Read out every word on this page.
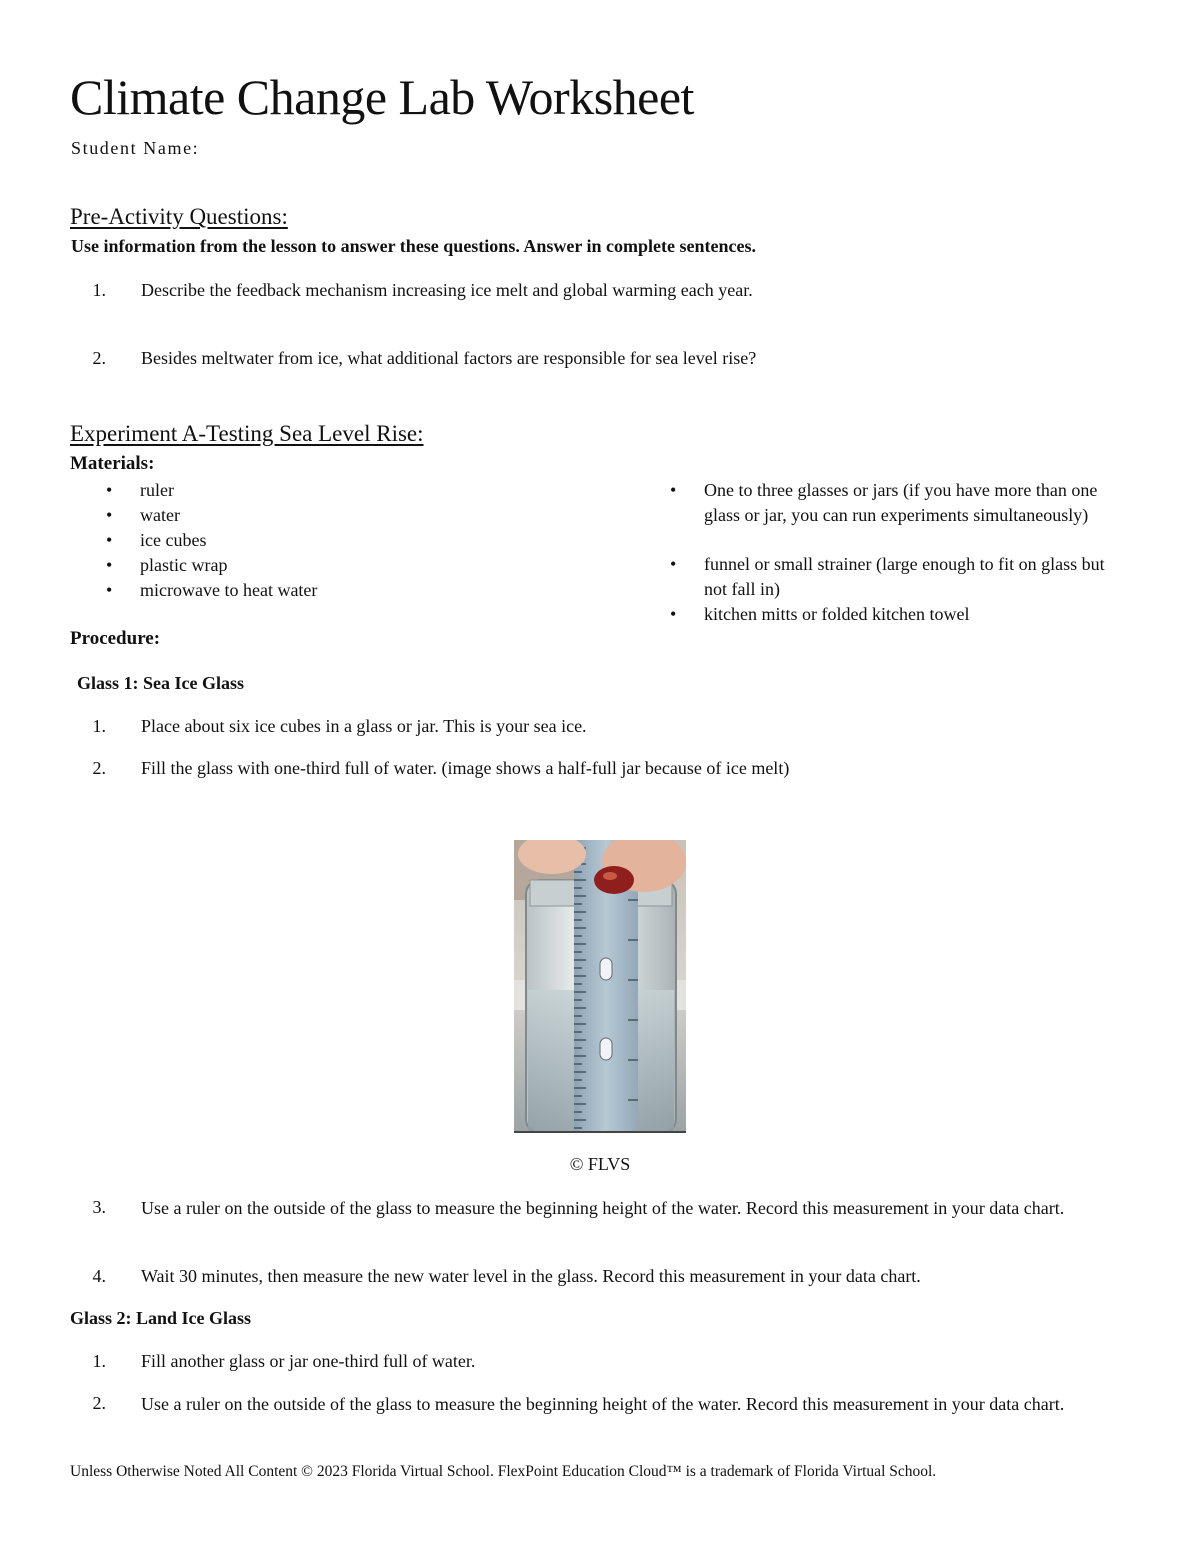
Climate Change Lab Worksheet
Student Name:
Pre-Activity Questions:
Use information from the lesson to answer these questions. Answer in complete sentences.
1. Describe the feedback mechanism increasing ice melt and global warming each year.
2. Besides meltwater from ice, what additional factors are responsible for sea level rise?
Experiment A-Testing Sea Level Rise:
Materials:
• ruler
• water
• ice cubes
• plastic wrap
• microwave to heat water
• One to three glasses or jars (if you have more than one glass or jar, you can run experiments simultaneously)
• funnel or small strainer (large enough to fit on glass but not fall in)
• kitchen mitts or folded kitchen towel
Procedure:
Glass 1: Sea Ice Glass
1. Place about six ice cubes in a glass or jar. This is your sea ice.
2. Fill the glass with one-third full of water. (image shows a half-full jar because of ice melt)
© FLVS
3. Use a ruler on the outside of the glass to measure the beginning height of the water. Record this measurement in your data chart.
4. Wait 30 minutes, then measure the new water level in the glass. Record this measurement in your data chart.
Glass 2: Land Ice Glass
1. Fill another glass or jar one-third full of water.
2. Use a ruler on the outside of the glass to measure the beginning height of the water. Record this measurement in your data chart.
Unless Otherwise Noted All Content © 2023 Florida Virtual School. FlexPoint Education Cloud™ is a trademark of Florida Virtual School.
